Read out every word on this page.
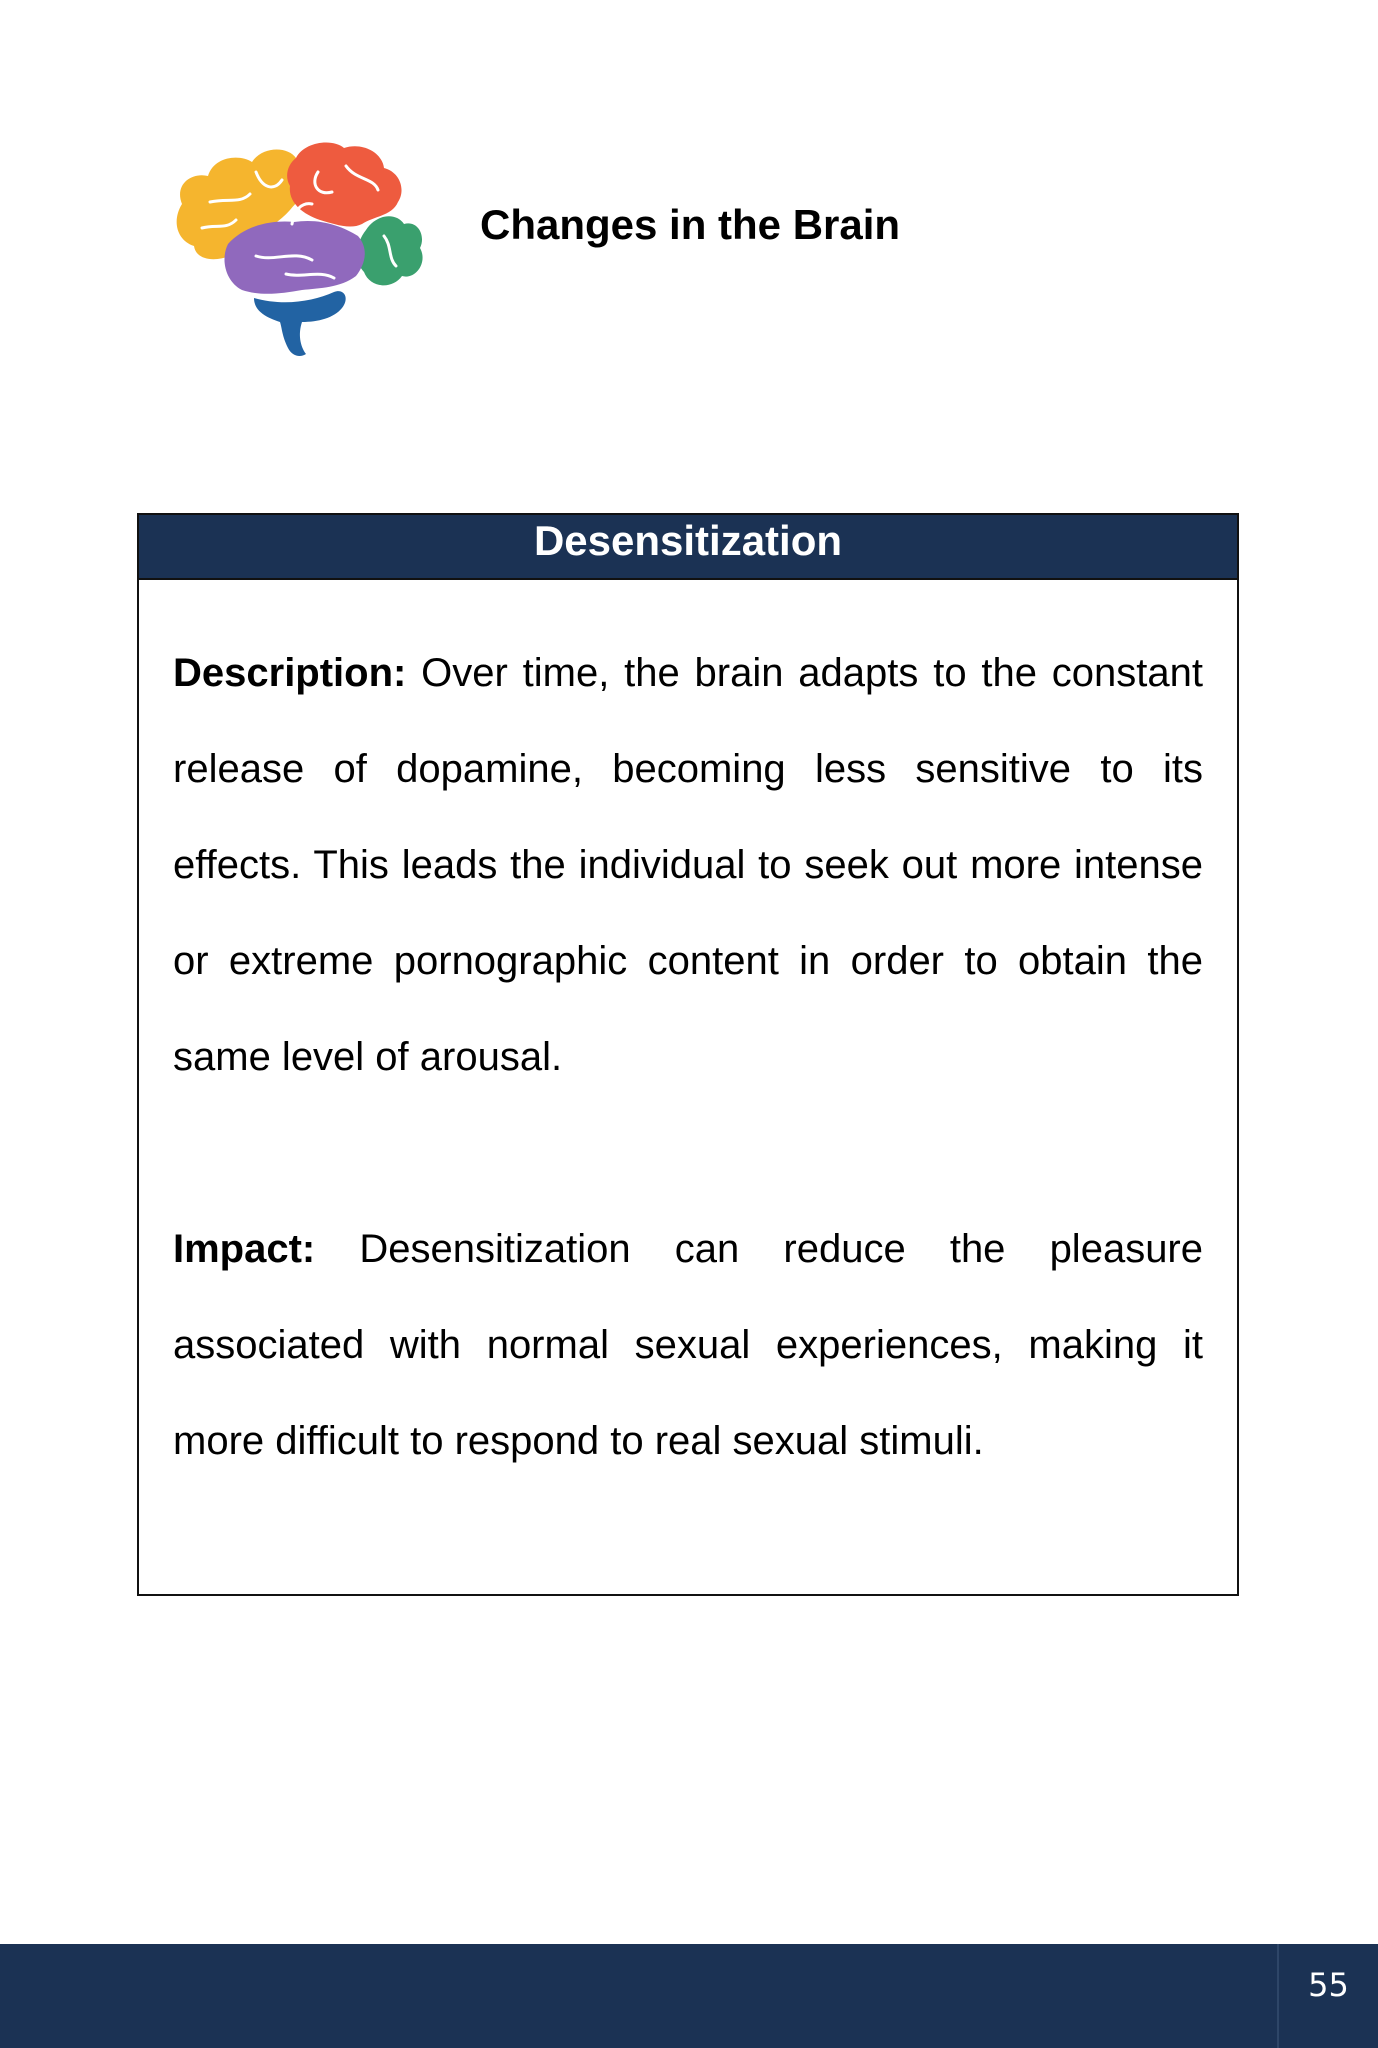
Changes in the Brain
Desensitization

Description: Over time, the brain adapts to the constant release of dopamine, becoming less sensitive to its effects. This leads the individual to seek out more intense or extreme pornographic content in order to obtain the same level of arousal.

Impact: Desensitization can reduce the pleasure associated with normal sexual experiences, making it more difficult to respond to real sexual stimuli.

55
